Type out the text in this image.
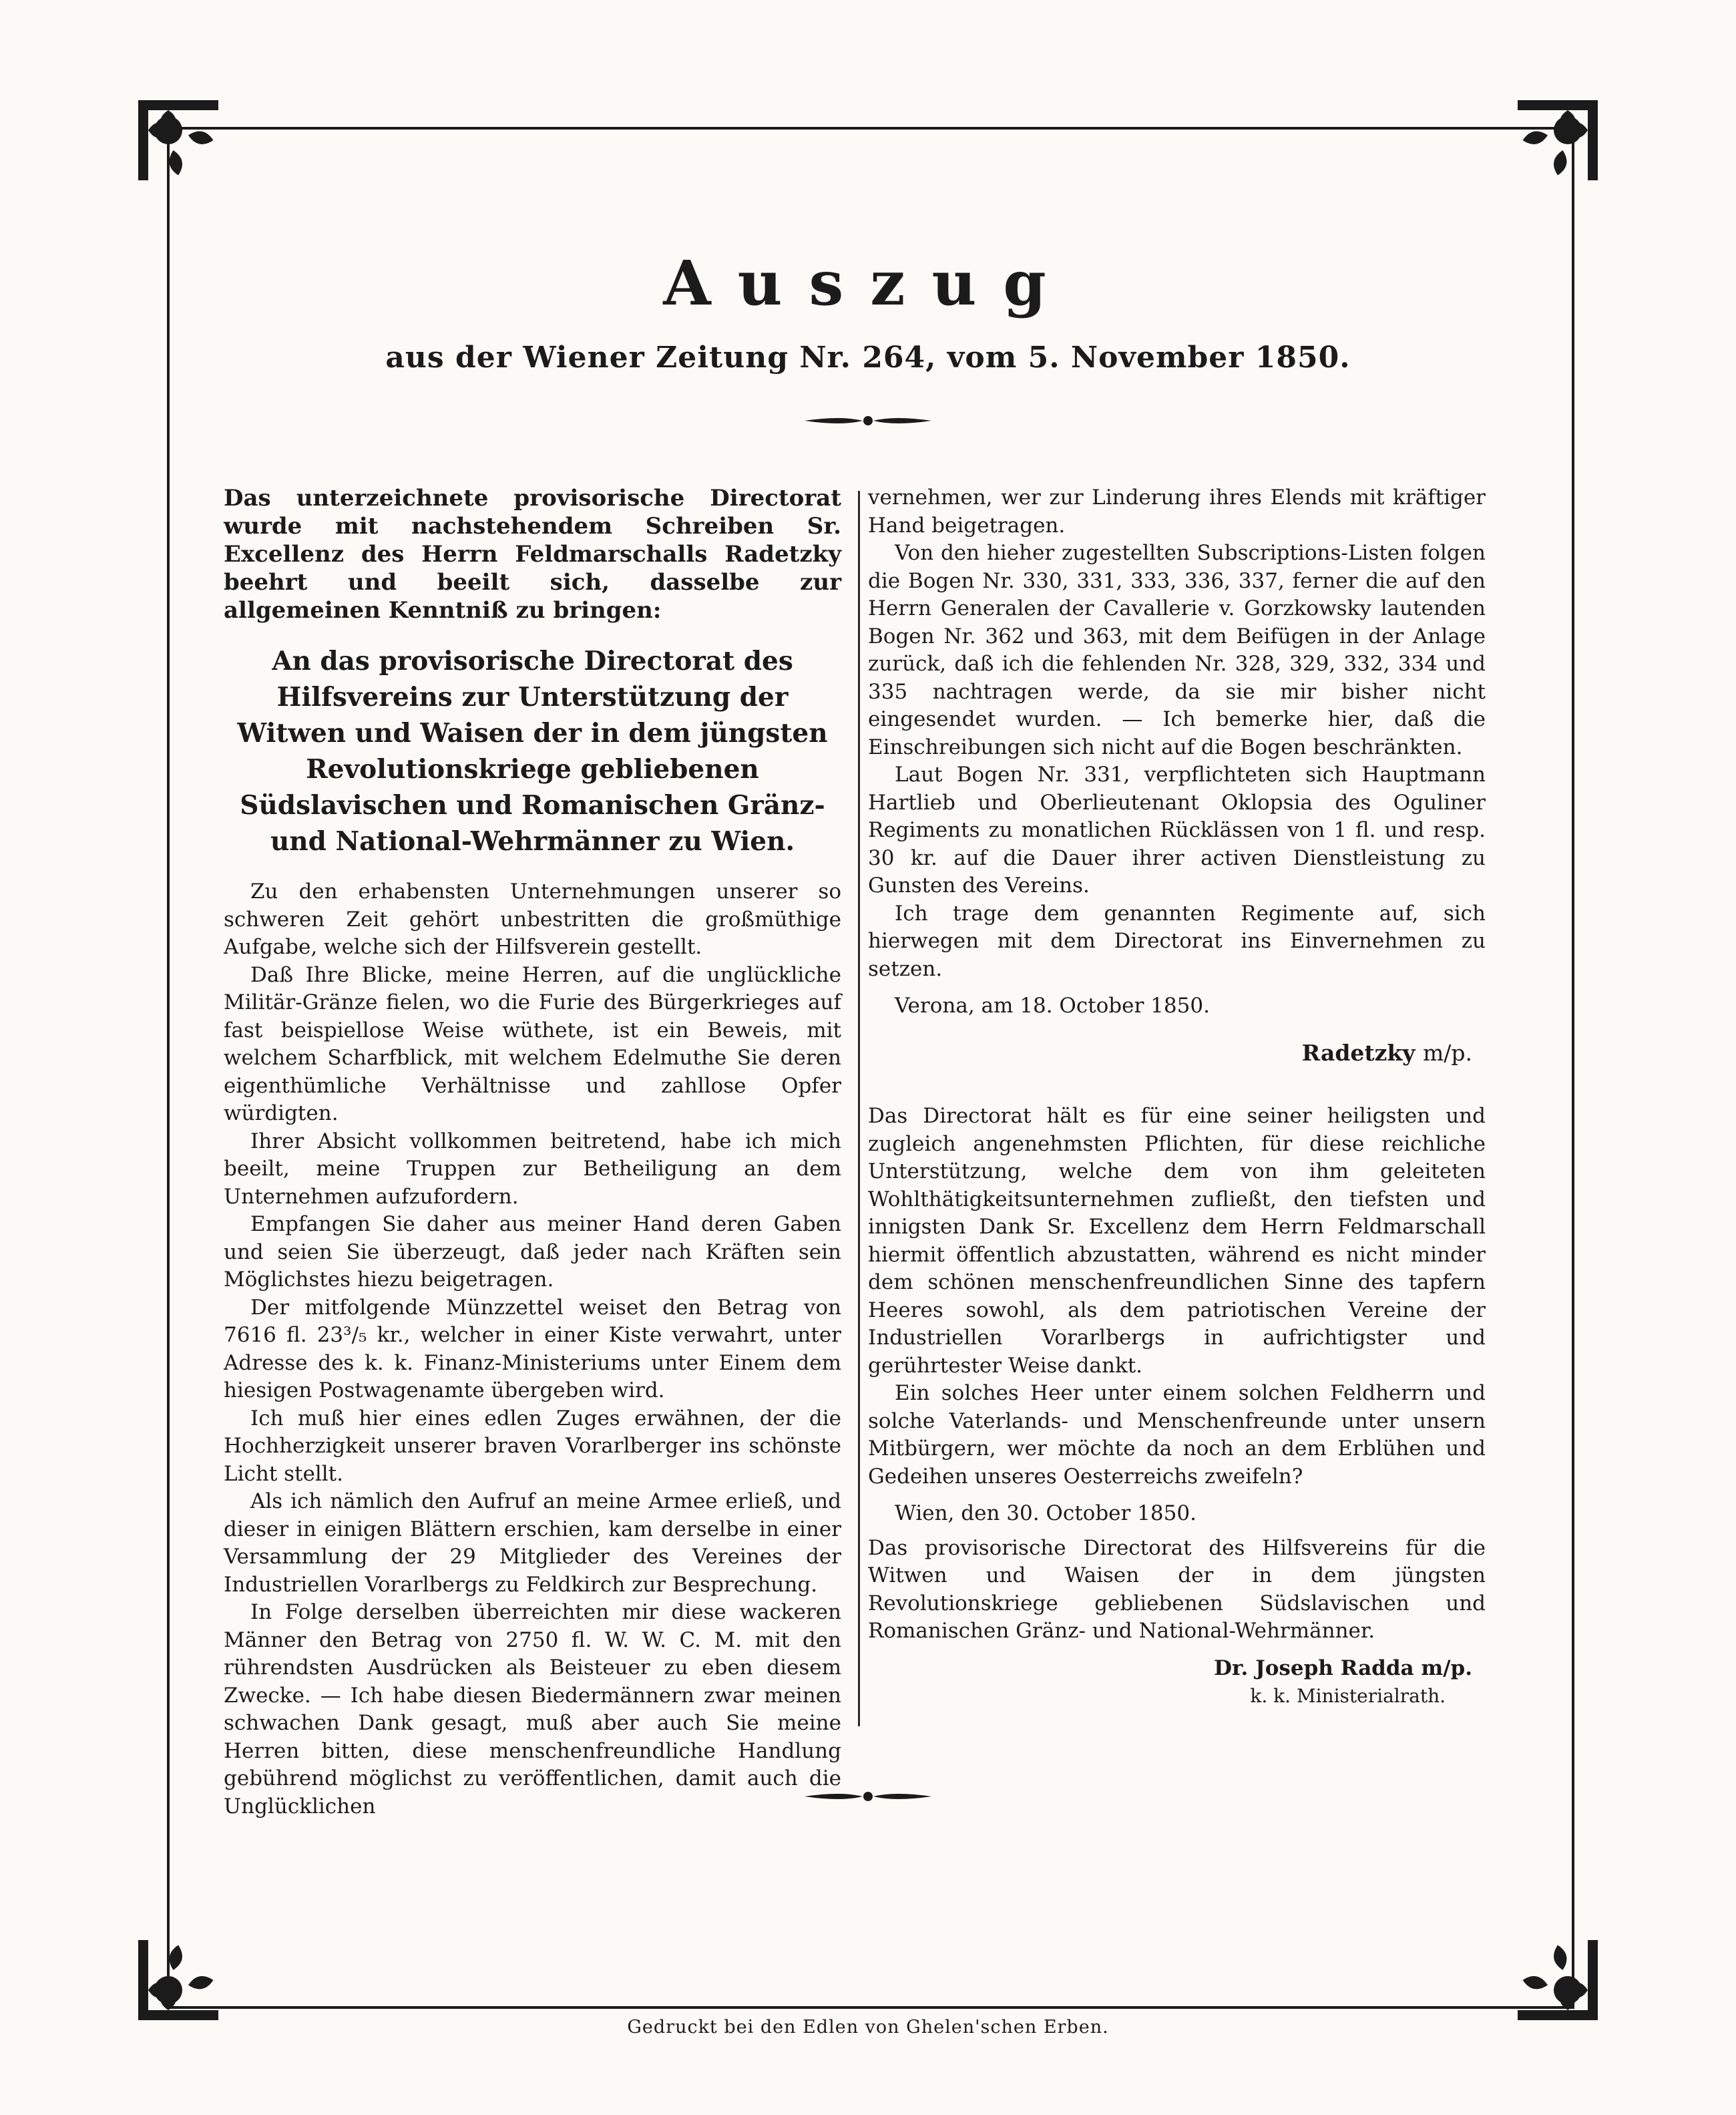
Auszug
aus der Wiener Zeitung Nr. 264, vom 5. November 1850.

Das unterzeichnete provisorische Directorat wurde mit nachstehendem Schreiben Sr. Excellenz des Herrn Feldmarschalls Radetzky beehrt und beeilt sich, dasselbe zur allgemeinen Kenntniß zu bringen:

An das provisorische Directorat des Hilfsvereins zur Unterstützung der Witwen und Waisen der in dem jüngsten Revolutionskriege gebliebenen Südslavischen und Romanischen Gränz- und National-Wehrmänner zu Wien.

Zu den erhabensten Unternehmungen unserer so schweren Zeit gehört unbestritten die großmüthige Aufgabe, welche sich der Hilfsverein gestellt.

Daß Ihre Blicke, meine Herren, auf die unglückliche Militär-Gränze fielen, wo die Furie des Bürgerkrieges auf fast beispiellose Weise wüthete, ist ein Beweis, mit welchem Scharfblick, mit welchem Edelmuthe Sie deren eigenthümliche Verhältnisse und zahllose Opfer würdigten.

Ihrer Absicht vollkommen beitretend, habe ich mich beeilt, meine Truppen zur Betheiligung an dem Unternehmen aufzufordern.

Empfangen Sie daher aus meiner Hand deren Gaben und seien Sie überzeugt, daß jeder nach Kräften sein Möglichstes hiezu beigetragen.

Der mitfolgende Münzzettel weiset den Betrag von 7616 fl. 23³/₅ kr., welcher in einer Kiste verwahrt, unter Adresse des k. k. Finanz-Ministeriums unter Einem dem hiesigen Postwagenamte übergeben wird.

Ich muß hier eines edlen Zuges erwähnen, der die Hochherzigkeit unserer braven Vorarlberger ins schönste Licht stellt.

Als ich nämlich den Aufruf an meine Armee erließ, und dieser in einigen Blättern erschien, kam derselbe in einer Versammlung der 29 Mitglieder des Vereines der Industriellen Vorarlbergs zu Feldkirch zur Besprechung.

In Folge derselben überreichten mir diese wackeren Männer den Betrag von 2750 fl. W. W. C. M. mit den rührendsten Ausdrücken als Beisteuer zu eben diesem Zwecke. — Ich habe diesen Biedermännern zwar meinen schwachen Dank gesagt, muß aber auch Sie meine Herren bitten, diese menschenfreundliche Handlung gebührend möglichst zu veröffentlichen, damit auch die Unglücklichen

vernehmen, wer zur Linderung ihres Elends mit kräftiger Hand beigetragen.

Von den hieher zugestellten Subscriptions-Listen folgen die Bogen Nr. 330, 331, 333, 336, 337, ferner die auf den Herrn Generalen der Cavallerie v. Gorzkowsky lautenden Bogen Nr. 362 und 363, mit dem Beifügen in der Anlage zurück, daß ich die fehlenden Nr. 328, 329, 332, 334 und 335 nachtragen werde, da sie mir bisher nicht eingesendet wurden. — Ich bemerke hier, daß die Einschreibungen sich nicht auf die Bogen beschränkten.

Laut Bogen Nr. 331, verpflichteten sich Hauptmann Hartlieb und Oberlieutenant Oklopsia des Oguliner Regiments zu monatlichen Rücklässen von 1 fl. und resp. 30 kr. auf die Dauer ihrer activen Dienstleistung zu Gunsten des Vereins.

Ich trage dem genannten Regimente auf, sich hierwegen mit dem Directorat ins Einvernehmen zu setzen.

Verona, am 18. October 1850.

Radetzky m/p.

Das Directorat hält es für eine seiner heiligsten und zugleich angenehmsten Pflichten, für diese reichliche Unterstützung, welche dem von ihm geleiteten Wohlthätigkeitsunternehmen zufließt, den tiefsten und innigsten Dank Sr. Excellenz dem Herrn Feldmarschall hiermit öffentlich abzustatten, während es nicht minder dem schönen menschenfreundlichen Sinne des tapfern Heeres sowohl, als dem patriotischen Vereine der Industriellen Vorarlbergs in aufrichtigster und gerührtester Weise dankt.

Ein solches Heer unter einem solchen Feldherrn und solche Vaterlands- und Menschenfreunde unter unsern Mitbürgern, wer möchte da noch an dem Erblühen und Gedeihen unseres Oesterreichs zweifeln?

Wien, den 30. October 1850.

Das provisorische Directorat des Hilfsvereins für die Witwen und Waisen der in dem jüngsten Revolutionskriege gebliebenen Südslavischen und Romanischen Gränz- und National-Wehrmänner.

Dr. Joseph Radda m/p.

k. k. Ministerialrath.

Gedruckt bei den Edlen von Ghelen'schen Erben.
